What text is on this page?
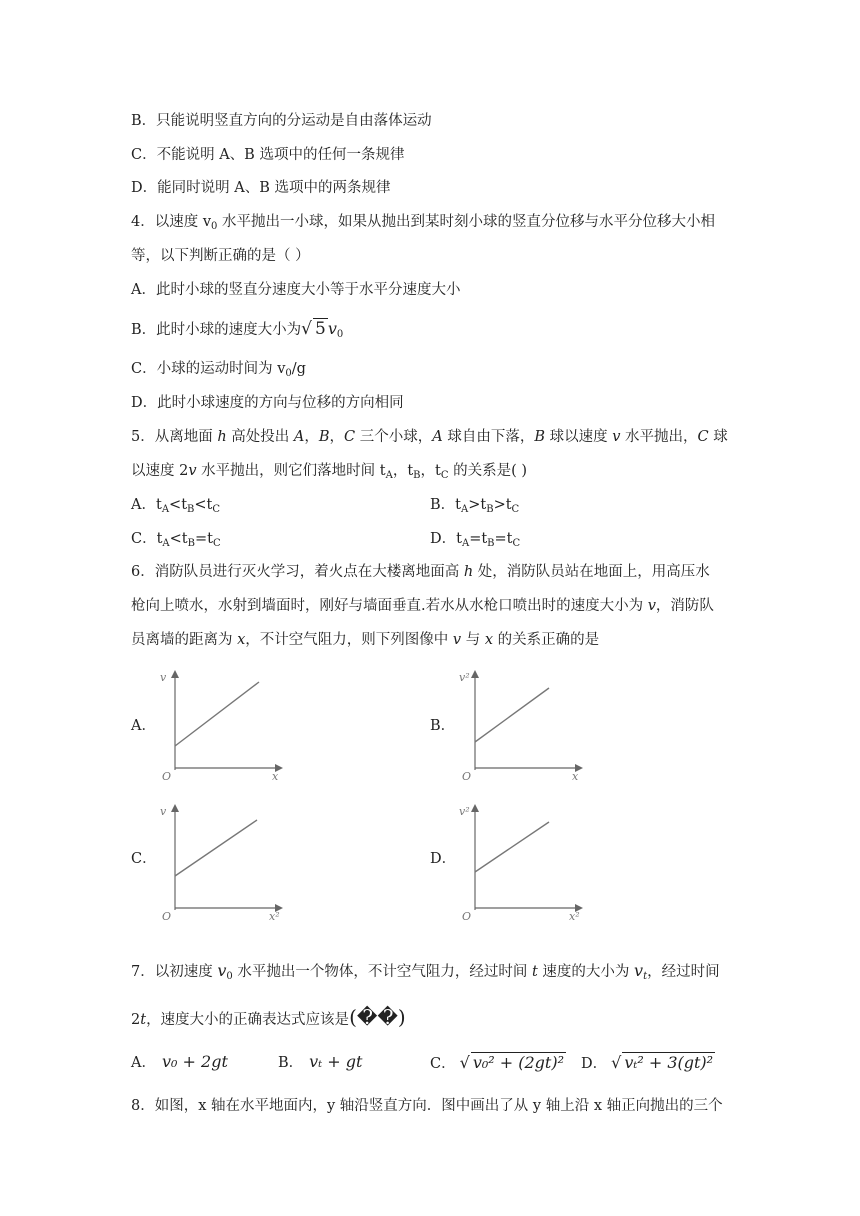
B．只能说明竖直方向的分运动是自由落体运动
C．不能说明 A、B 选项中的任何一条规律
D．能同时说明 A、B 选项中的两条规律
4．以速度 $v_0$ 水平抛出一小球，如果从抛出到某时刻小球的竖直分位移与水平分位移大小相
等，以下判断正确的是（ ）
A．此时小球的竖直分速度大小等于水平分速度大小
B．此时小球的速度大小为√ 5 $v_0$
C．小球的运动时间为 $v_0/g$
D．此时小球速度的方向与位移的方向相同
5．从离地面 h 高处投出 A，B，C 三个小球，A 球自由下落，B 球以速度 v 水平抛出，C 球
以速度 2v 水平抛出，则它们落地时间 $t_A$，$t_B$，$t_C$ 的关系是( )
A．$t_A<t_B<t_C$	B．$t_A>t_B>t_C$
C．$t_A<t_B=t_C$	D．$t_A=t_B=t_C$
6．消防队员进行灭火学习，着火点在大楼离地面高 h 处，消防队员站在地面上，用高压水
枪向上喷水，水射到墙面时，刚好与墙面垂直.若水从水枪口喷出时的速度大小为 v，消防队
员离墙的距离为 x，不计空气阻力，则下列图像中 v 与 x 的关系正确的是
A．	B．
C．	D．
v
x
O
v²
x
O
v
x²
O
v²
x²
O
7．以初速度 $v_0$ 水平抛出一个物体，不计空气阻力，经过时间 t 速度的大小为 $v_t$，经过时间
2t，速度大小的正确表达式应该是(��)
A． v₀ + 2gt	B． vₜ + gt	C． √ v₀² + (2gt)² D． √ vₜ² + 3(gt)²
8．如图，x 轴在水平地面内，y 轴沿竖直方向．图中画出了从 y 轴上沿 x 轴正向抛出的三个
